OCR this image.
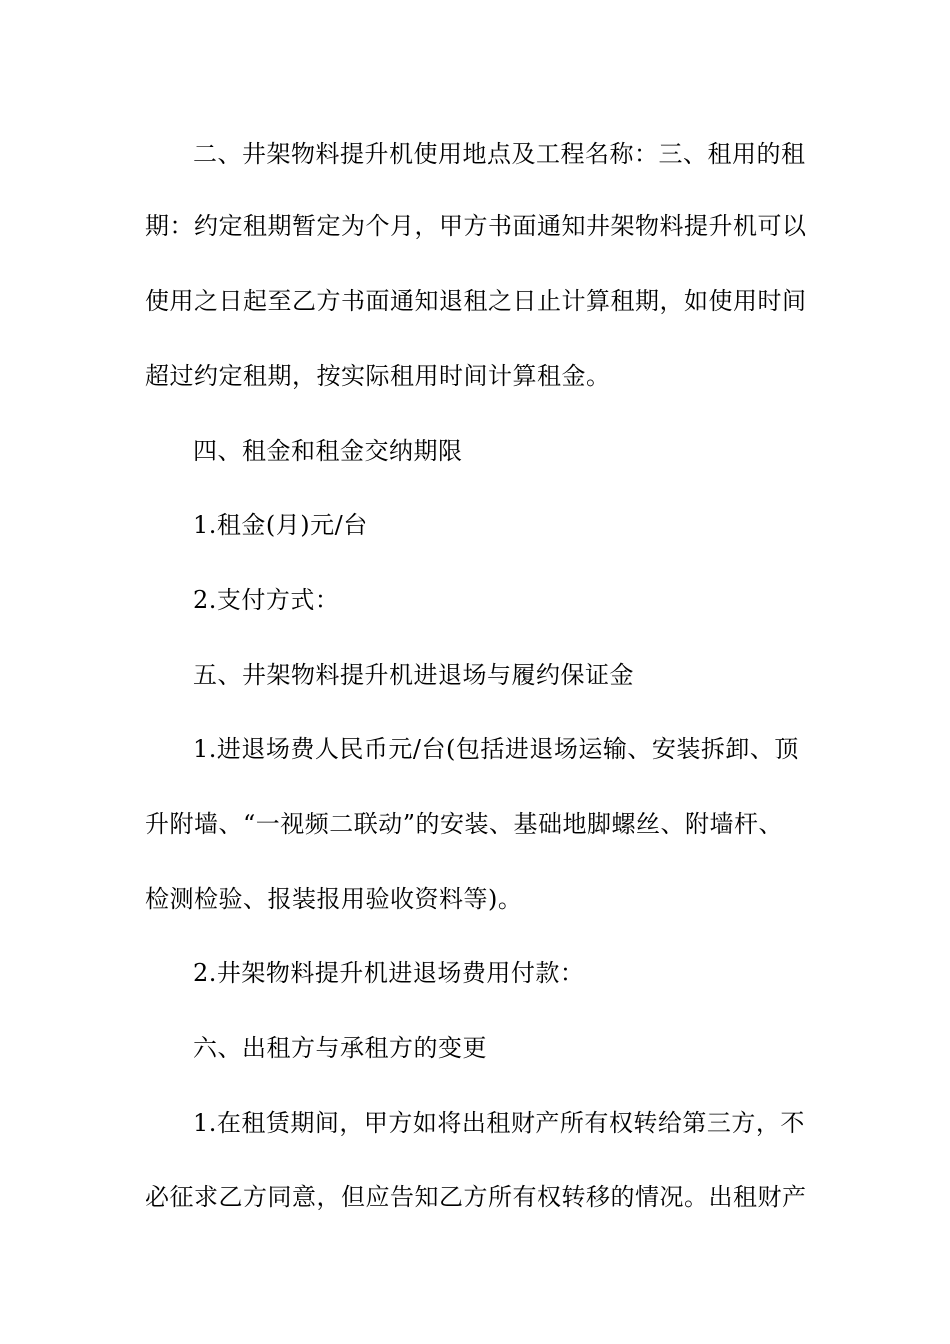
二、井架物料提升机使用地点及工程名称：三、租用的租
期：约定租期暂定为个月，甲方书面通知井架物料提升机可以
使用之日起至乙方书面通知退租之日止计算租期，如使用时间
超过约定租期，按实际租用时间计算租金。
四、租金和租金交纳期限
1.租金(月)元/台
2.支付方式：
五、井架物料提升机进退场与履约保证金
1.进退场费人民币元/台(包括进退场运输、安装拆卸、顶
升附墙、“一视频二联动”的安装、基础地脚螺丝、附墙杆、
检测检验、报装报用验收资料等)。
2.井架物料提升机进退场费用付款：
六、出租方与承租方的变更
1.在租赁期间，甲方如将出租财产所有权转给第三方，不
必征求乙方同意，但应告知乙方所有权转移的情况。出租财产
